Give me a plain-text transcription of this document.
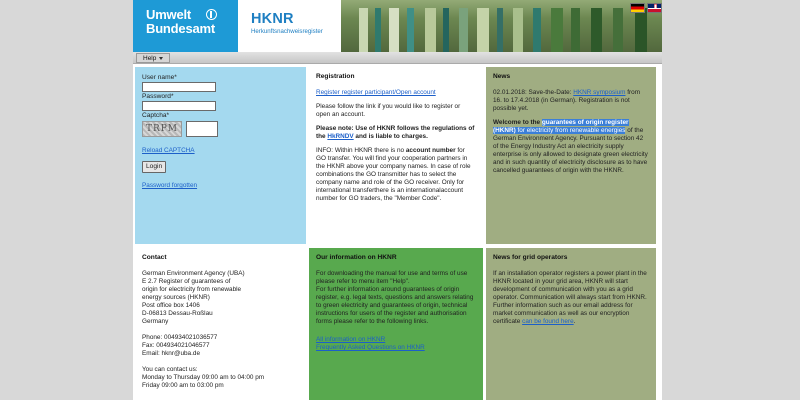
Umwelt
Bundesamt
HKNR
Herkunftsnachweisregister
Help
User name*
Password*
Captcha*
TRPM
Reload CAPTCHA
Login
Password forgotten
Registration

Register register participant/Open account

Please follow the link if you would like to register or open an account.

Please note: Use of HKNR follows the regulations of the HkRNDV and is liable to charges.

INFO: Within HKNR there is no account number for GO transfer. You will find your cooperation partners in the HKNR above your company names. In case of role combinations the GO transmitter has to select the company name and role of the GO receiver. Only for international transferthere is an internationalaccount number for GO traders, the "Member Code".

News

02.01.2018: Save-the-Date: HKNR symposium from 16. to 17.4.2018 (in German). Registration is not possible yet.

Welcome to the guarantees of origin register (HKNR) for electricity from renewable energies of the German Environment Agency. Pursuant to section 42 of the Energy Industry Act an electricity supply enterprise is only allowed to designate green electricity and in such quantity of electricity disclosure as to have cancelled guarantees of origin with the HKNR.

Contact
German Environment Agency (UBA)
E 2.7 Register of guarantees of
origin for electricity from renewable
energy sources (HKNR)
Post office box 1406
D-06813 Dessau-Roßlau
Germany
Phone: 004934021036577
Fax: 004934021046577
Email: hknr@uba.de
You can contact us:
Monday to Thursday 09:00 am to 04:00 pm
Friday 09:00 am to 03:00 pm
Our information on HKNR
For downloading the manual for use and terms of use please refer to menu item "Help".

For further information around guarantees of origin register, e.g. legal texts, questions and answers relating to green electricity and guarantees of origin, technical instructions for users of the register and authorisation forms please refer to the following links.

All information on HKNR
Frequently Asked Questions on HKNR
News for grid operators

If an installation operator registers a power plant in the HKNR located in your grid area, HKNR will start development of communication with you as a grid operator. Communication will always start from HKNR. Further information such as our email address for market communication as well as our encryption certificate can be found here.
